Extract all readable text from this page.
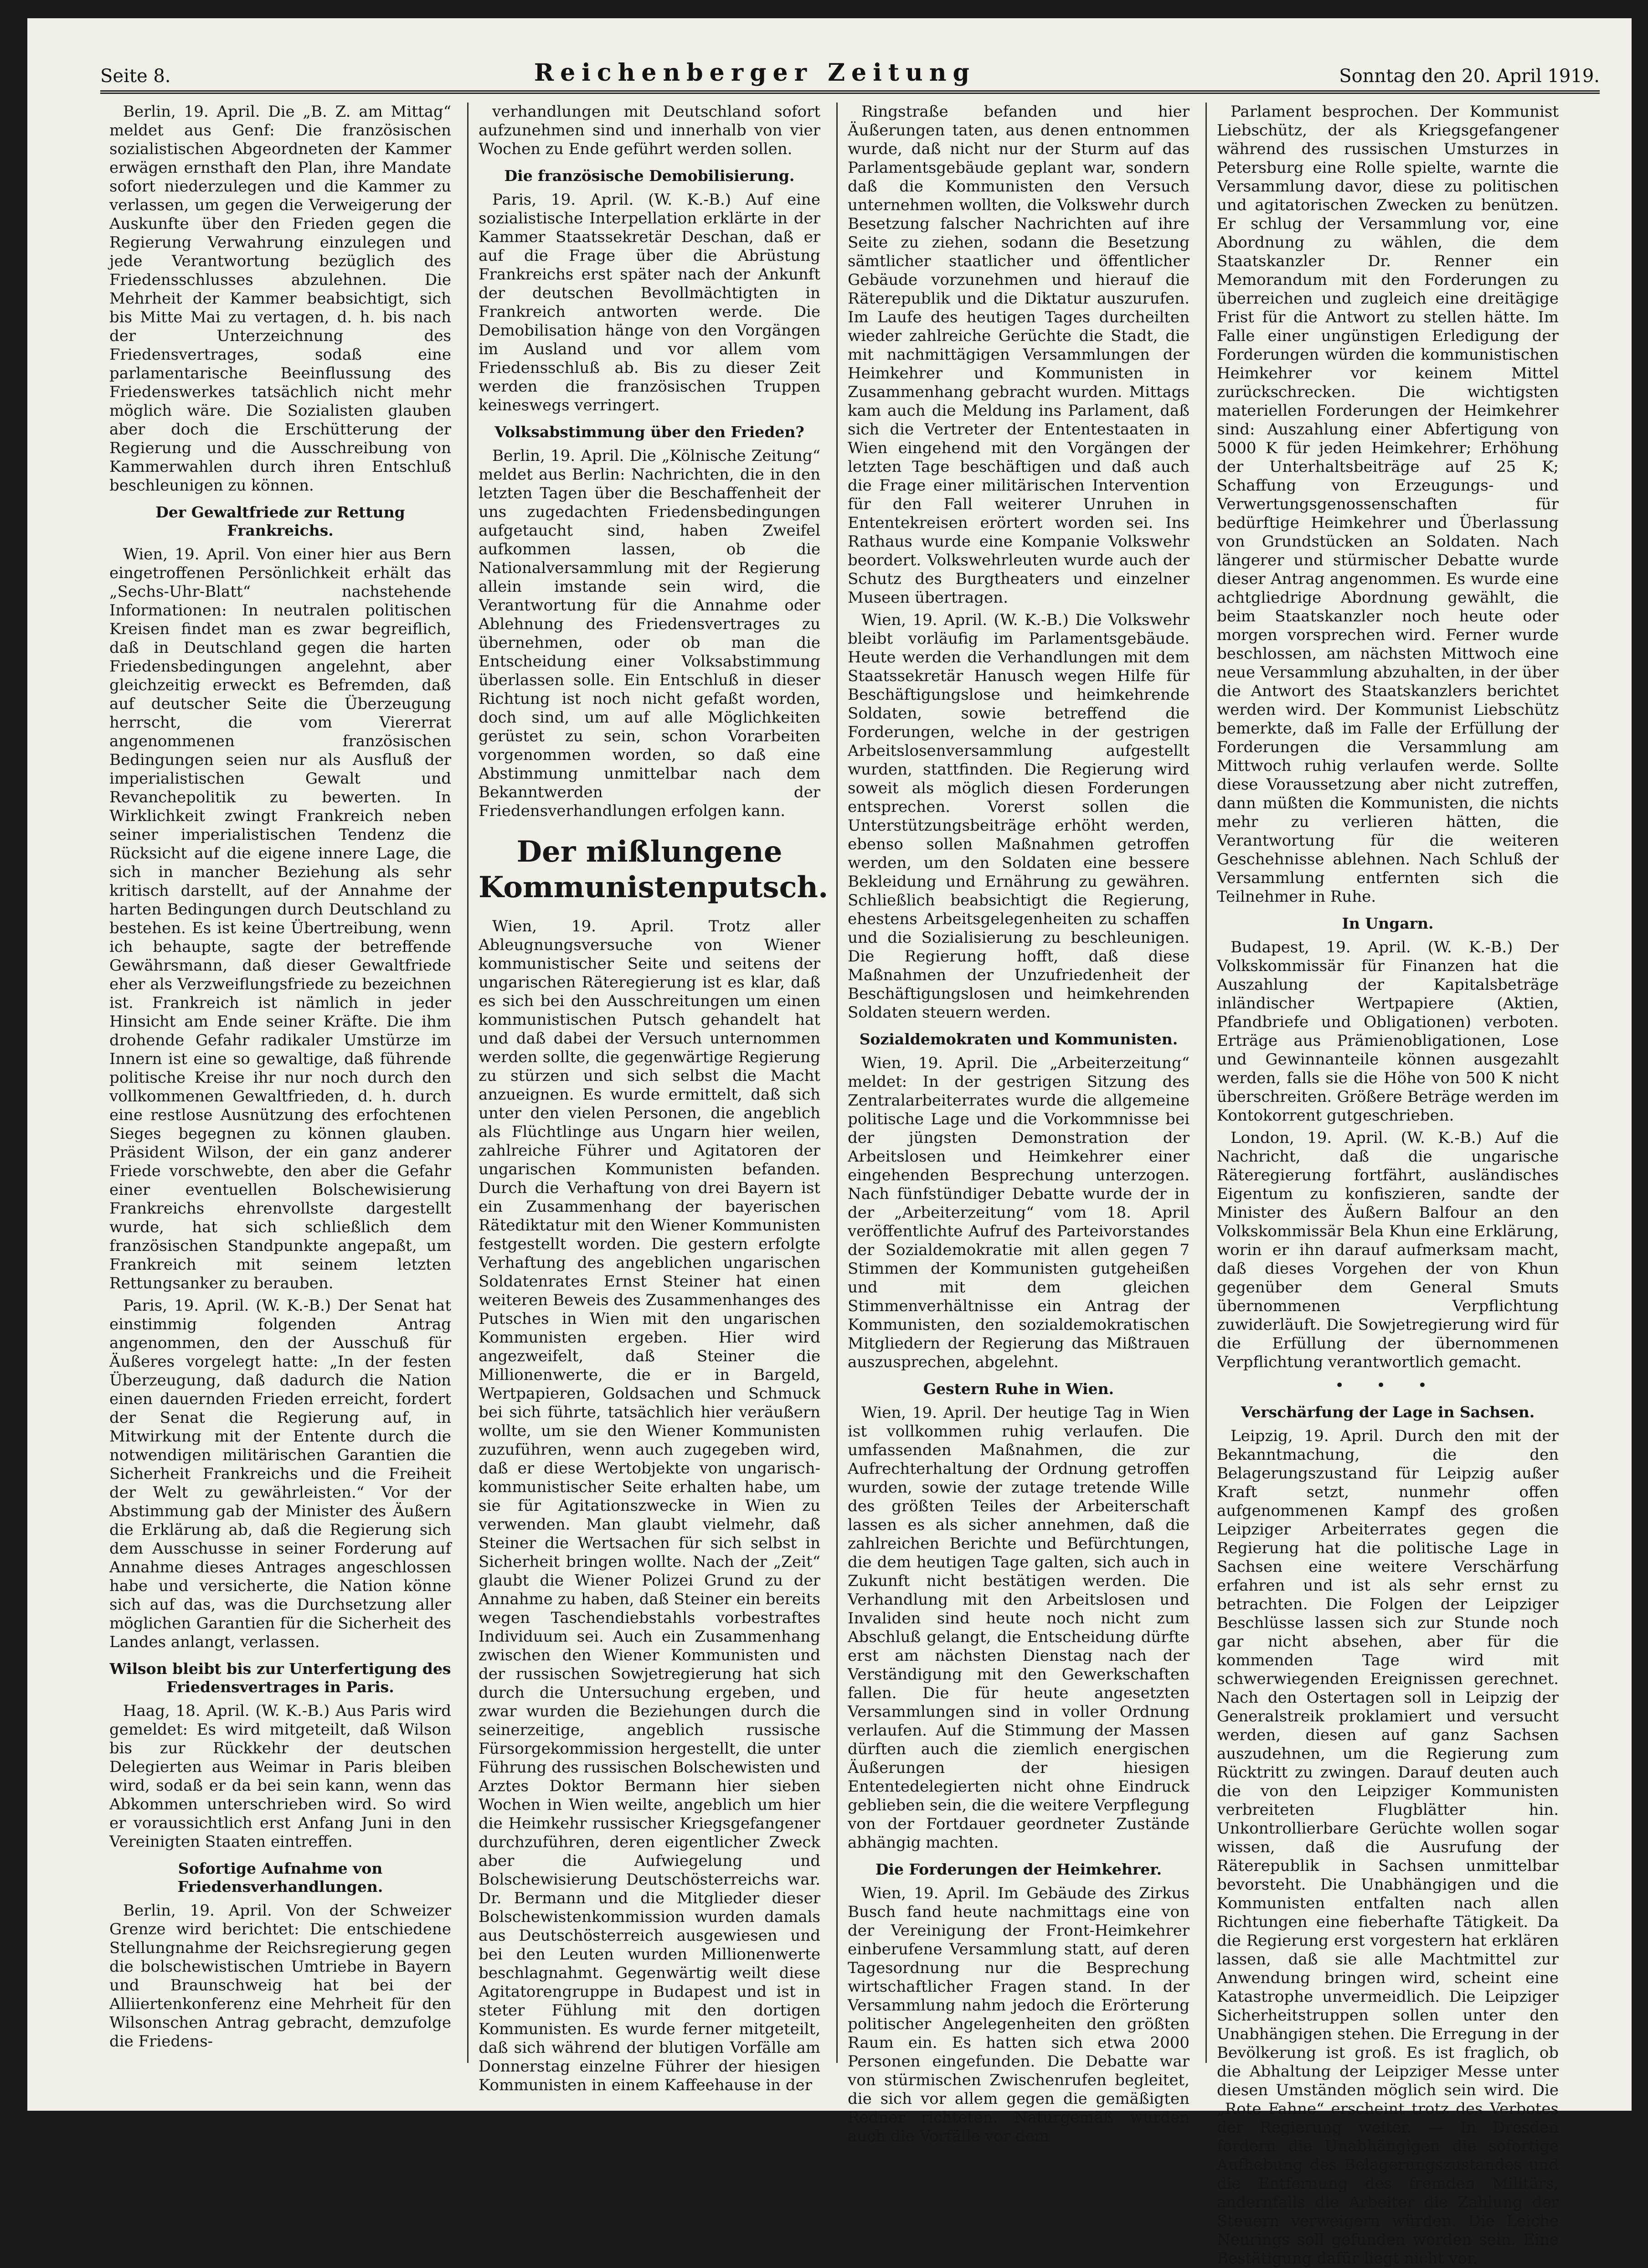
Seite 8.	Reichenberger Zeitung	Sonntag den 20. April 1919.

Berlin, 19. April. Die „B. Z. am Mittag“ meldet aus Genf: Die französischen sozialistischen Abgeordneten der Kammer erwägen ernsthaft den Plan, ihre Mandate sofort niederzulegen und die Kammer zu verlassen, um gegen die Verweigerung der Auskunfte über den Frieden gegen die Regierung Verwahrung einzulegen und jede Verantwortung bezüglich des Friedensschlusses abzulehnen. Die Mehrheit der Kammer beabsichtigt, sich bis Mitte Mai zu vertagen, d. h. bis nach der Unterzeichnung des Friedensvertrages, sodaß eine parlamentarische Beeinflussung des Friedenswerkes tatsächlich nicht mehr möglich wäre. Die Sozialisten glauben aber doch die Erschütterung der Regierung und die Ausschreibung von Kammerwahlen durch ihren Entschluß beschleunigen zu können.

Der Gewaltfriede zur Rettung Frankreichs.

Wien, 19. April. Von einer hier aus Bern eingetroffenen Persönlichkeit erhält das „Sechs-Uhr-Blatt“ nachstehende Informationen: In neutralen politischen Kreisen findet man es zwar begreiflich, daß in Deutschland gegen die harten Friedensbedingungen angelehnt, aber gleichzeitig erweckt es Befremden, daß auf deutscher Seite die Überzeugung herrscht, die vom Viererrat angenommenen französischen Bedingungen seien nur als Ausfluß der imperialistischen Gewalt und Revanchepolitik zu bewerten. In Wirklichkeit zwingt Frankreich neben seiner imperialistischen Tendenz die Rücksicht auf die eigene innere Lage, die sich in mancher Beziehung als sehr kritisch darstellt, auf der Annahme der harten Bedingungen durch Deutschland zu bestehen. Es ist keine Übertreibung, wenn ich behaupte, sagte der betreffende Gewährsmann, daß dieser Gewaltfriede eher als Verzweiflungsfriede zu bezeichnen ist. Frankreich ist nämlich in jeder Hinsicht am Ende seiner Kräfte. Die ihm drohende Gefahr radikaler Umstürze im Innern ist eine so gewaltige, daß führende politische Kreise ihr nur noch durch den vollkommenen Gewaltfrieden, d. h. durch eine restlose Ausnützung des erfochtenen Sieges begegnen zu können glauben. Präsident Wilson, der ein ganz anderer Friede vorschwebte, den aber die Gefahr einer eventuellen Bolschewisierung Frankreichs ehrenvollste dargestellt wurde, hat sich schließlich dem französischen Standpunkte angepaßt, um Frankreich mit seinem letzten Rettungsanker zu berauben.

Paris, 19. April. (W. K.-B.) Der Senat hat einstimmig folgenden Antrag angenommen, den der Ausschuß für Äußeres vorgelegt hatte: „In der festen Überzeugung, daß dadurch die Nation einen dauernden Frieden erreicht, fordert der Senat die Regierung auf, in Mitwirkung mit der Entente durch die notwendigen militärischen Garantien die Sicherheit Frankreichs und die Freiheit der Welt zu gewährleisten.“ Vor der Abstimmung gab der Minister des Äußern die Erklärung ab, daß die Regierung sich dem Ausschusse in seiner Forderung auf Annahme dieses Antrages angeschlossen habe und versicherte, die Nation könne sich auf das, was die Durchsetzung aller möglichen Garantien für die Sicherheit des Landes anlangt, verlassen.

Wilson bleibt bis zur Unterfertigung des Friedensvertrages in Paris.

Haag, 18. April. (W. K.-B.) Aus Paris wird gemeldet: Es wird mitgeteilt, daß Wilson bis zur Rückkehr der deutschen Delegierten aus Weimar in Paris bleiben wird, sodaß er da bei sein kann, wenn das Abkommen unterschrieben wird. So wird er voraussichtlich erst Anfang Juni in den Vereinigten Staaten eintreffen.

Sofortige Aufnahme von Friedensverhandlungen.

Berlin, 19. April. Von der Schweizer Grenze wird berichtet: Die entschiedene Stellungnahme der Reichsregierung gegen die bolschewistischen Umtriebe in Bayern und Braunschweig hat bei der Alliiertenkonferenz eine Mehrheit für den Wilsonschen Antrag gebracht, demzufolge die Friedens-

verhandlungen mit Deutschland sofort aufzunehmen sind und innerhalb von vier Wochen zu Ende geführt werden sollen.

Die französische Demobilisierung.

Paris, 19. April. (W. K.-B.) Auf eine sozialistische Interpellation erklärte in der Kammer Staatssekretär Deschan, daß er auf die Frage über die Abrüstung Frankreichs erst später nach der Ankunft der deutschen Bevollmächtigten in Frankreich antworten werde. Die Demobilisation hänge von den Vorgängen im Ausland und vor allem vom Friedensschluß ab. Bis zu dieser Zeit werden die französischen Truppen keineswegs verringert.

Volksabstimmung über den Frieden?

Berlin, 19. April. Die „Kölnische Zeitung“ meldet aus Berlin: Nachrichten, die in den letzten Tagen über die Beschaffenheit der uns zugedachten Friedensbedingungen aufgetaucht sind, haben Zweifel aufkommen lassen, ob die Nationalversammlung mit der Regierung allein imstande sein wird, die Verantwortung für die Annahme oder Ablehnung des Friedensvertrages zu übernehmen, oder ob man die Entscheidung einer Volksabstimmung überlassen solle. Ein Entschluß in dieser Richtung ist noch nicht gefaßt worden, doch sind, um auf alle Möglichkeiten gerüstet zu sein, schon Vorarbeiten vorgenommen worden, so daß eine Abstimmung unmittelbar nach dem Bekanntwerden der Friedensverhandlungen erfolgen kann.

Der mißlungene Kommunistenputsch.

Wien, 19. April. Trotz aller Ableugnungsversuche von Wiener kommunistischer Seite und seitens der ungarischen Räteregierung ist es klar, daß es sich bei den Ausschreitungen um einen kommunistischen Putsch gehandelt hat und daß dabei der Versuch unternommen werden sollte, die gegenwärtige Regierung zu stürzen und sich selbst die Macht anzueignen. Es wurde ermittelt, daß sich unter den vielen Personen, die angeblich als Flüchtlinge aus Ungarn hier weilen, zahlreiche Führer und Agitatoren der ungarischen Kommunisten befanden. Durch die Verhaftung von drei Bayern ist ein Zusammenhang der bayerischen Rätediktatur mit den Wiener Kommunisten festgestellt worden. Die gestern erfolgte Verhaftung des angeblichen ungarischen Soldatenrates Ernst Steiner hat einen weiteren Beweis des Zusammenhanges des Putsches in Wien mit den ungarischen Kommunisten ergeben. Hier wird angezweifelt, daß Steiner die Millionenwerte, die er in Bargeld, Wertpapieren, Goldsachen und Schmuck bei sich führte, tatsächlich hier veräußern wollte, um sie den Wiener Kommunisten zuzuführen, wenn auch zugegeben wird, daß er diese Wertobjekte von ungarisch-kommunistischer Seite erhalten habe, um sie für Agitationszwecke in Wien zu verwenden. Man glaubt vielmehr, daß Steiner die Wertsachen für sich selbst in Sicherheit bringen wollte. Nach der „Zeit“ glaubt die Wiener Polizei Grund zu der Annahme zu haben, daß Steiner ein bereits wegen Taschendiebstahls vorbestraftes Individuum sei. Auch ein Zusammenhang zwischen den Wiener Kommunisten und der russischen Sowjetregierung hat sich durch die Untersuchung ergeben, und zwar wurden die Beziehungen durch die seinerzeitige, angeblich russische Fürsorgekommission hergestellt, die unter Führung des russischen Bolschewisten und Arztes Doktor Bermann hier sieben Wochen in Wien weilte, angeblich um hier die Heimkehr russischer Kriegsgefangener durchzuführen, deren eigentlicher Zweck aber die Aufwiegelung und Bolschewisierung Deutschösterreichs war. Dr. Bermann und die Mitglieder dieser Bolschewistenkommission wurden damals aus Deutschösterreich ausgewiesen und bei den Leuten wurden Millionenwerte beschlagnahmt. Gegenwärtig weilt diese Agitatorengruppe in Budapest und ist in steter Fühlung mit den dortigen Kommunisten. Es wurde ferner mitgeteilt, daß sich während der blutigen Vorfälle am Donnerstag einzelne Führer der hiesigen Kommunisten in einem Kaffeehause in der

Ringstraße befanden und hier Äußerungen taten, aus denen entnommen wurde, daß nicht nur der Sturm auf das Parlamentsgebäude geplant war, sondern daß die Kommunisten den Versuch unternehmen wollten, die Volkswehr durch Besetzung falscher Nachrichten auf ihre Seite zu ziehen, sodann die Besetzung sämtlicher staatlicher und öffentlicher Gebäude vorzunehmen und hierauf die Räterepublik und die Diktatur auszurufen. Im Laufe des heutigen Tages durcheilten wieder zahlreiche Gerüchte die Stadt, die mit nachmittägigen Versammlungen der Heimkehrer und Kommunisten in Zusammenhang gebracht wurden. Mittags kam auch die Meldung ins Parlament, daß sich die Vertreter der Ententestaaten in Wien eingehend mit den Vorgängen der letzten Tage beschäftigen und daß auch die Frage einer militärischen Intervention für den Fall weiterer Unruhen in Ententekreisen erörtert worden sei. Ins Rathaus wurde eine Kompanie Volkswehr beordert. Volkswehrleuten wurde auch der Schutz des Burgtheaters und einzelner Museen übertragen.

Wien, 19. April. (W. K.-B.) Die Volkswehr bleibt vorläufig im Parlamentsgebäude. Heute werden die Verhandlungen mit dem Staatssekretär Hanusch wegen Hilfe für Beschäftigungslose und heimkehrende Soldaten, sowie betreffend die Forderungen, welche in der gestrigen Arbeitslosenversammlung aufgestellt wurden, stattfinden. Die Regierung wird soweit als möglich diesen Forderungen entsprechen. Vorerst sollen die Unterstützungsbeiträge erhöht werden, ebenso sollen Maßnahmen getroffen werden, um den Soldaten eine bessere Bekleidung und Ernährung zu gewähren. Schließlich beabsichtigt die Regierung, ehestens Arbeitsgelegenheiten zu schaffen und die Sozialisierung zu beschleunigen. Die Regierung hofft, daß diese Maßnahmen der Unzufriedenheit der Beschäftigungslosen und heimkehrenden Soldaten steuern werden.

Sozialdemokraten und Kommunisten.

Wien, 19. April. Die „Arbeiterzeitung“ meldet: In der gestrigen Sitzung des Zentralarbeiterrates wurde die allgemeine politische Lage und die Vorkommnisse bei der jüngsten Demonstration der Arbeitslosen und Heimkehrer einer eingehenden Besprechung unterzogen. Nach fünfstündiger Debatte wurde der in der „Arbeiterzeitung“ vom 18. April veröffentlichte Aufruf des Parteivorstandes der Sozialdemokratie mit allen gegen 7 Stimmen der Kommunisten gutgeheißen und mit dem gleichen Stimmenverhältnisse ein Antrag der Kommunisten, den sozialdemokratischen Mitgliedern der Regierung das Mißtrauen auszusprechen, abgelehnt.

Gestern Ruhe in Wien.

Wien, 19. April. Der heutige Tag in Wien ist vollkommen ruhig verlaufen. Die umfassenden Maßnahmen, die zur Aufrechterhaltung der Ordnung getroffen wurden, sowie der zutage tretende Wille des größten Teiles der Arbeiterschaft lassen es als sicher annehmen, daß die zahlreichen Berichte und Befürchtungen, die dem heutigen Tage galten, sich auch in Zukunft nicht bestätigen werden. Die Verhandlung mit den Arbeitslosen und Invaliden sind heute noch nicht zum Abschluß gelangt, die Entscheidung dürfte erst am nächsten Dienstag nach der Verständigung mit den Gewerkschaften fallen. Die für heute angesetzten Versammlungen sind in voller Ordnung verlaufen. Auf die Stimmung der Massen dürften auch die ziemlich energischen Äußerungen der hiesigen Ententedelegierten nicht ohne Eindruck geblieben sein, die die weitere Verpflegung von der Fortdauer geordneter Zustände abhängig machten.

Die Forderungen der Heimkehrer.

Wien, 19. April. Im Gebäude des Zirkus Busch fand heute nachmittags eine von der Vereinigung der Front-Heimkehrer einberufene Versammlung statt, auf deren Tagesordnung nur die Besprechung wirtschaftlicher Fragen stand. In der Versammlung nahm jedoch die Erörterung politischer Angelegenheiten den größten Raum ein. Es hatten sich etwa 2000 Personen eingefunden. Die Debatte war von stürmischen Zwischenrufen begleitet, die sich vor allem gegen die gemäßigten Redner richteten. Naturgemäß wurden auch die Vorfälle vor dem

Parlament besprochen. Der Kommunist Liebschütz, der als Kriegsgefangener während des russischen Umsturzes in Petersburg eine Rolle spielte, warnte die Versammlung davor, diese zu politischen und agitatorischen Zwecken zu benützen. Er schlug der Versammlung vor, eine Abordnung zu wählen, die dem Staatskanzler Dr. Renner ein Memorandum mit den Forderungen zu überreichen und zugleich eine dreitägige Frist für die Antwort zu stellen hätte. Im Falle einer ungünstigen Erledigung der Forderungen würden die kommunistischen Heimkehrer vor keinem Mittel zurückschrecken. Die wichtigsten materiellen Forderungen der Heimkehrer sind: Auszahlung einer Abfertigung von 5000 K für jeden Heimkehrer; Erhöhung der Unterhaltsbeiträge auf 25 K; Schaffung von Erzeugungs- und Verwertungsgenossenschaften für bedürftige Heimkehrer und Überlassung von Grundstücken an Soldaten. Nach längerer und stürmischer Debatte wurde dieser Antrag angenommen. Es wurde eine achtgliedrige Abordnung gewählt, die beim Staatskanzler noch heute oder morgen vorsprechen wird. Ferner wurde beschlossen, am nächsten Mittwoch eine neue Versammlung abzuhalten, in der über die Antwort des Staatskanzlers berichtet werden wird. Der Kommunist Liebschütz bemerkte, daß im Falle der Erfüllung der Forderungen die Versammlung am Mittwoch ruhig verlaufen werde. Sollte diese Voraussetzung aber nicht zutreffen, dann müßten die Kommunisten, die nichts mehr zu verlieren hätten, die Verantwortung für die weiteren Geschehnisse ablehnen. Nach Schluß der Versammlung entfernten sich die Teilnehmer in Ruhe.

In Ungarn.

Budapest, 19. April. (W. K.-B.) Der Volkskommissär für Finanzen hat die Auszahlung der Kapitalsbeträge inländischer Wertpapiere (Aktien, Pfandbriefe und Obligationen) verboten. Erträge aus Prämienobligationen, Lose und Gewinnanteile können ausgezahlt werden, falls sie die Höhe von 500 K nicht überschreiten. Größere Beträge werden im Kontokorrent gutgeschrieben.

London, 19. April. (W. K.-B.) Auf die Nachricht, daß die ungarische Räteregierung fortfährt, ausländisches Eigentum zu konfiszieren, sandte der Minister des Äußern Balfour an den Volkskommissär Bela Khun eine Erklärung, worin er ihn darauf aufmerksam macht, daß dieses Vorgehen der von Khun gegenüber dem General Smuts übernommenen Verpflichtung zuwiderläuft. Die Sowjetregierung wird für die Erfüllung der übernommenen Verpflichtung verantwortlich gemacht.

• • •
Verschärfung der Lage in Sachsen.

Leipzig, 19. April. Durch den mit der Bekanntmachung, die den Belagerungszustand für Leipzig außer Kraft setzt, nunmehr offen aufgenommenen Kampf des großen Leipziger Arbeiterrates gegen die Regierung hat die politische Lage in Sachsen eine weitere Verschärfung erfahren und ist als sehr ernst zu betrachten. Die Folgen der Leipziger Beschlüsse lassen sich zur Stunde noch gar nicht absehen, aber für die kommenden Tage wird mit schwerwiegenden Ereignissen gerechnet. Nach den Ostertagen soll in Leipzig der Generalstreik proklamiert und versucht werden, diesen auf ganz Sachsen auszudehnen, um die Regierung zum Rücktritt zu zwingen. Darauf deuten auch die von den Leipziger Kommunisten verbreiteten Flugblätter hin. Unkontrollierbare Gerüchte wollen sogar wissen, daß die Ausrufung der Räterepublik in Sachsen unmittelbar bevorsteht. Die Unabhängigen und die Kommunisten entfalten nach allen Richtungen eine fieberhafte Tätigkeit. Da die Regierung erst vorgestern hat erklären lassen, daß sie alle Machtmittel zur Anwendung bringen wird, scheint eine Katastrophe unvermeidlich. Die Leipziger Sicherheitstruppen sollen unter den Unabhängigen stehen. Die Erregung in der Bevölkerung ist groß. Es ist fraglich, ob die Abhaltung der Leipziger Messe unter diesen Umständen möglich sein wird. Die „Rote Fahne“ erscheint trotz des Verbotes der Regierung weiter. — In Dresden fordern die Unabhängigen die sofortige Aufhebung des Belagerungszustandes und die Entfernung des fremden Militärs, andernfalls die Arbeiter die Zahlung der Steuern verweigern würden. Die Leiche Neurings soll gefunden worden sein. Eine Bestätigung dafür liegt nicht vor.
